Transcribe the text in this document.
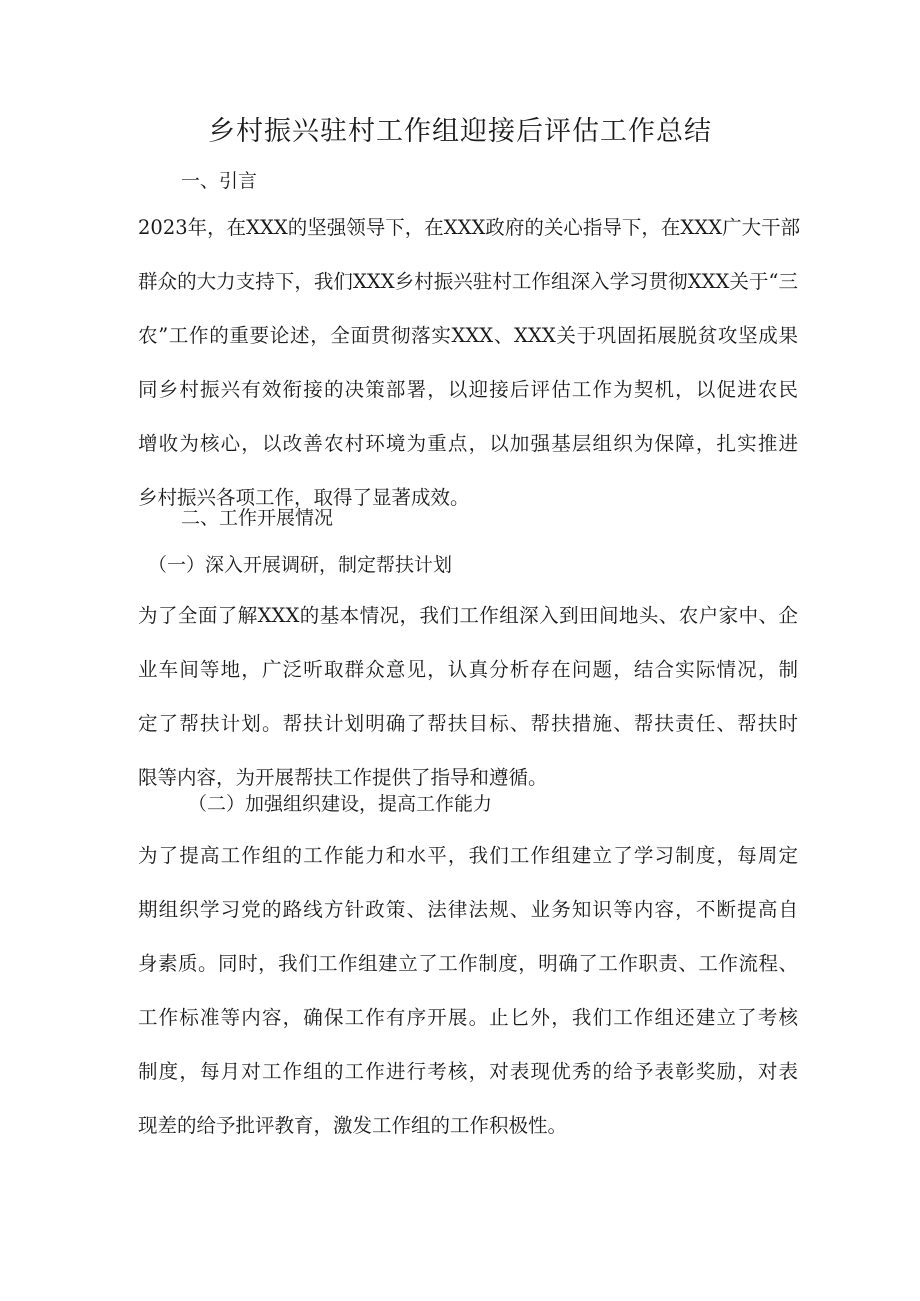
乡村振兴驻村工作组迎接后评估工作总结
一、引言
2023年，在XXX的坚强领导下，在XXX政府的关心指导下，在XXX广大干部
群众的大力支持下，我们XXX乡村振兴驻村工作组深入学习贯彻XXX关于“三
农”工作的重要论述，全面贯彻落实XXX、XXX关于巩固拓展脱贫攻坚成果
同乡村振兴有效衔接的决策部署，以迎接后评估工作为契机，以促进农民
增收为核心，以改善农村环境为重点，以加强基层组织为保障，扎实推进
乡村振兴各项工作，取得了显著成效。
二、工作开展情况
（一）深入开展调研，制定帮扶计划
为了全面了解XXX的基本情况，我们工作组深入到田间地头、农户家中、企
业车间等地，广泛听取群众意见，认真分析存在问题，结合实际情况，制
定了帮扶计划。帮扶计划明确了帮扶目标、帮扶措施、帮扶责任、帮扶时
限等内容，为开展帮扶工作提供了指导和遵循。
（二）加强组织建设，提高工作能力
为了提高工作组的工作能力和水平，我们工作组建立了学习制度，每周定
期组织学习党的路线方针政策、法律法规、业务知识等内容，不断提高自
身素质。同时，我们工作组建立了工作制度，明确了工作职责、工作流程、
工作标准等内容，确保工作有序开展。止匕外，我们工作组还建立了考核
制度，每月对工作组的工作进行考核，对表现优秀的给予表彰奖励，对表
现差的给予批评教育，激发工作组的工作积极性。
